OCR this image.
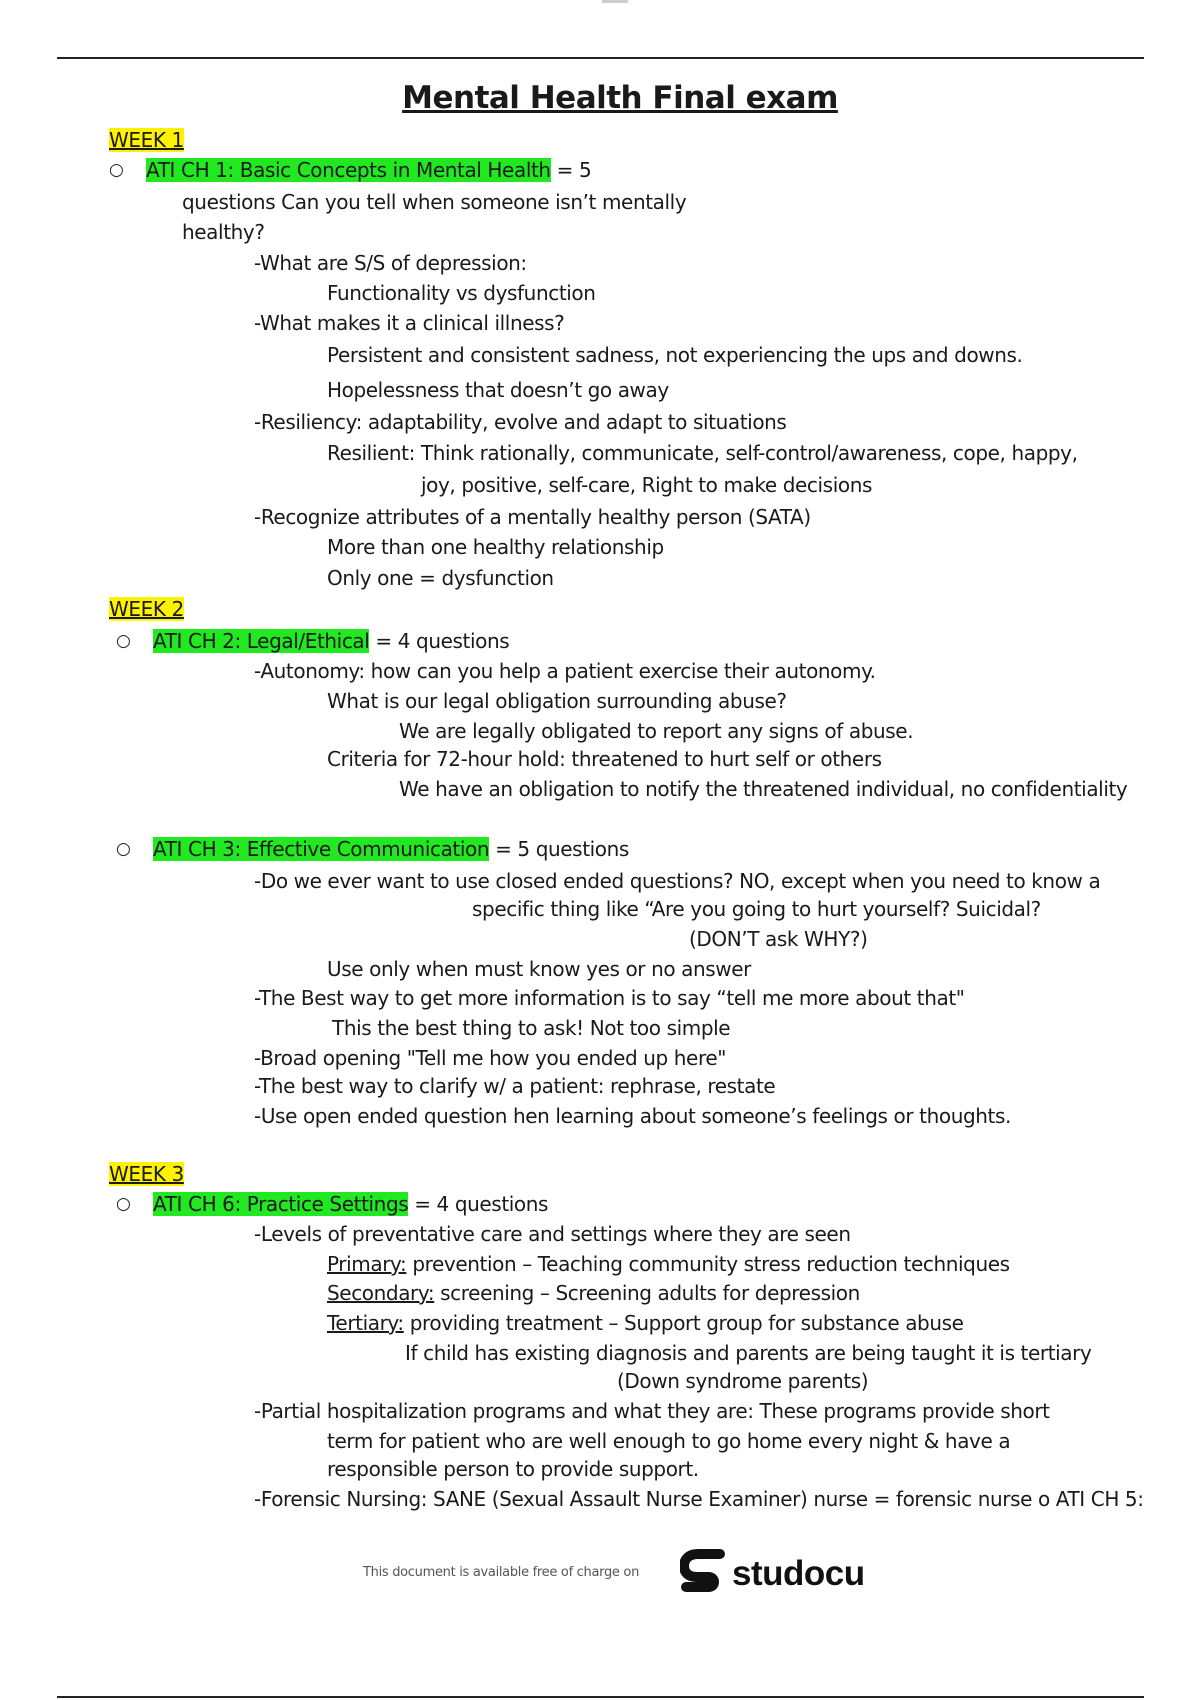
Mental Health Final exam
WEEK 1
○ ATI CH 1: Basic Concepts in Mental Health = 5
questions Can you tell when someone isn’t mentally
healthy?
-What are S/S of depression:
Functionality vs dysfunction
-What makes it a clinical illness?
Persistent and consistent sadness, not experiencing the ups and downs.
Hopelessness that doesn’t go away
-Resiliency: adaptability, evolve and adapt to situations
Resilient: Think rationally, communicate, self-control/awareness, cope, happy,
joy, positive, self-care, Right to make decisions
-Recognize attributes of a mentally healthy person (SATA)
More than one healthy relationship
Only one = dysfunction
WEEK 2
○ ATI CH 2: Legal/Ethical = 4 questions
-Autonomy: how can you help a patient exercise their autonomy.
What is our legal obligation surrounding abuse?
We are legally obligated to report any signs of abuse.
Criteria for 72-hour hold: threatened to hurt self or others
We have an obligation to notify the threatened individual, no confidentiality
○ ATI CH 3: Effective Communication = 5 questions
-Do we ever want to use closed ended questions? NO, except when you need to know a
specific thing like “Are you going to hurt yourself? Suicidal?
(DON’T ask WHY?)
Use only when must know yes or no answer
-The Best way to get more information is to say “tell me more about that"
This the best thing to ask! Not too simple
-Broad opening "Tell me how you ended up here"
-The best way to clarify w/ a patient: rephrase, restate
-Use open ended question hen learning about someone’s feelings or thoughts.
WEEK 3
○ ATI CH 6: Practice Settings = 4 questions
-Levels of preventative care and settings where they are seen
Primary: prevention – Teaching community stress reduction techniques
Secondary: screening – Screening adults for depression
Tertiary: providing treatment – Support group for substance abuse
If child has existing diagnosis and parents are being taught it is tertiary
(Down syndrome parents)
-Partial hospitalization programs and what they are: These programs provide short
term for patient who are well enough to go home every night & have a
responsible person to provide support.
-Forensic Nursing: SANE (Sexual Assault Nurse Examiner) nurse = forensic nurse o ATI CH 5:
This document is available free of charge on	studocu
